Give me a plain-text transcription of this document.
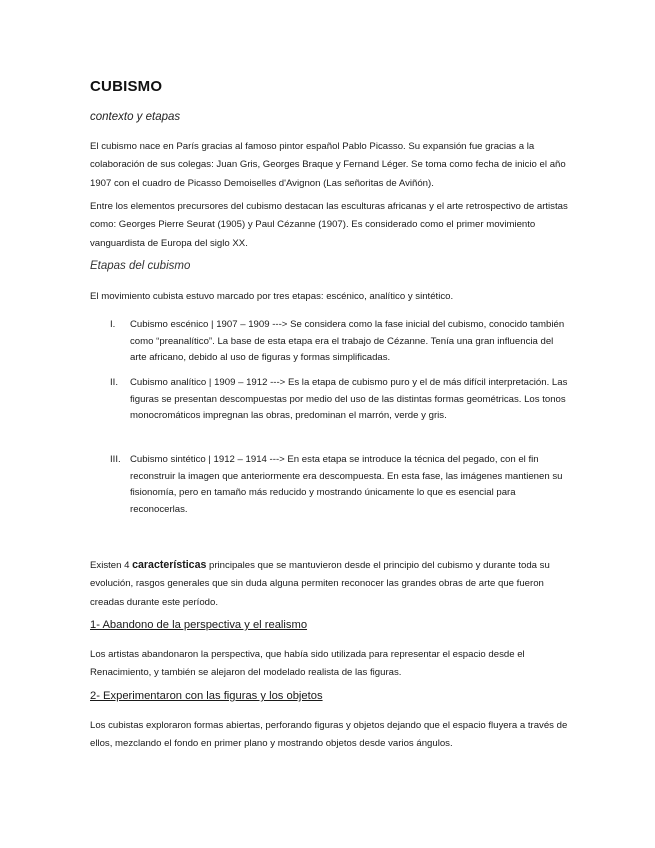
CUBISMO
contexto y etapas
El cubismo nace en París gracias al famoso pintor español Pablo Picasso. Su expansión fue gracias a la colaboración de sus colegas: Juan Gris, Georges Braque y Fernand Léger. Se toma como fecha de inicio el año 1907 con el cuadro de Picasso Demoiselles d'Avignon (Las señoritas de Aviñón).
Entre los elementos precursores del cubismo destacan las esculturas africanas y el arte retrospectivo de artistas como: Georges Pierre Seurat (1905) y Paul Cézanne (1907). Es considerado como el primer movimiento vanguardista de Europa del siglo XX.
Etapas del cubismo
El movimiento cubista estuvo marcado por tres etapas: escénico, analítico y sintético.
I. Cubismo escénico | 1907 – 1909 ---> Se considera como la fase inicial del cubismo, conocido también como “preanalítico”. La base de esta etapa era el trabajo de Cézanne. Tenía una gran influencia del arte africano, debido al uso de figuras y formas simplificadas.
II. Cubismo analítico | 1909 – 1912 ---> Es la etapa de cubismo puro y el de más difícil interpretación. Las figuras se presentan descompuestas por medio del uso de las distintas formas geométricas. Los tonos monocromáticos impregnan las obras, predominan el marrón, verde y gris.
III. Cubismo sintético | 1912 – 1914 ---> En esta etapa se introduce la técnica del pegado, con el fin reconstruir la imagen que anteriormente era descompuesta. En esta fase, las imágenes mantienen su fisionomía, pero en tamaño más reducido y mostrando únicamente lo que es esencial para reconocerlas.
Existen 4 características principales que se mantuvieron desde el principio del cubismo y durante toda su evolución, rasgos generales que sin duda alguna permiten reconocer las grandes obras de arte que fueron creadas durante este período.
1- Abandono de la perspectiva y el realismo
Los artistas abandonaron la perspectiva, que había sido utilizada para representar el espacio desde el Renacimiento, y también se alejaron del modelado realista de las figuras.
2- Experimentaron con las figuras y los objetos
Los cubistas exploraron formas abiertas, perforando figuras y objetos dejando que el espacio fluyera a través de ellos, mezclando el fondo en primer plano y mostrando objetos desde varios ángulos.
